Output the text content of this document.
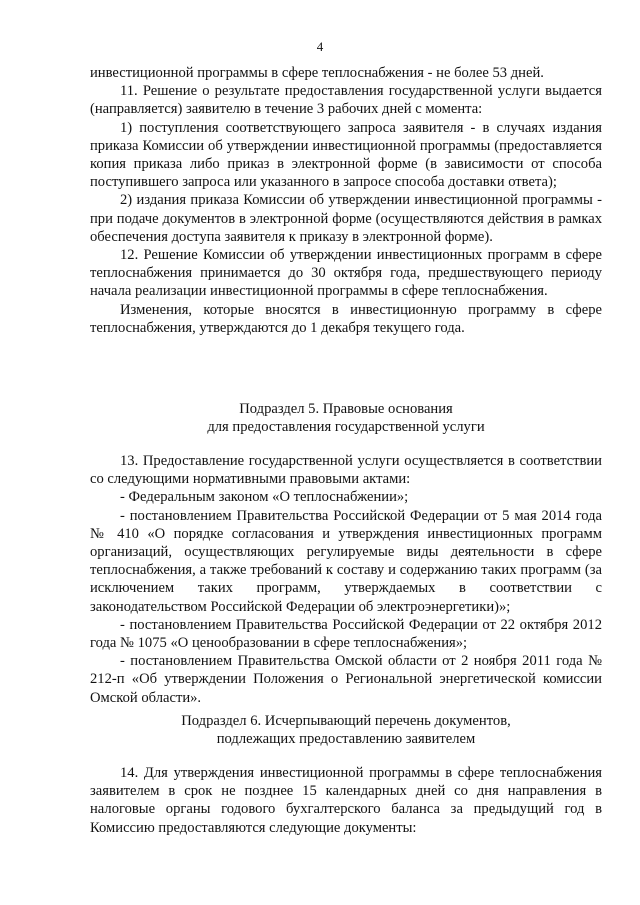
4

инвестиционной программы в сфере теплоснабжения - не более 53 дней.

11. Решение о результате предоставления государственной услуги выдается (направляется) заявителю в течение 3 рабочих дней с момента:

1) поступления соответствующего запроса заявителя - в случаях издания приказа Комиссии об утверждении инвестиционной программы (предоставляется копия приказа либо приказ в электронной форме (в зависимости от способа поступившего запроса или указанного в запросе способа доставки ответа);

2) издания приказа Комиссии об утверждении инвестиционной программы - при подаче документов в электронной форме (осуществляются действия в рамках обеспечения доступа заявителя к приказу в электронной форме).

12. Решение Комиссии об утверждении инвестиционных программ в сфере теплоснабжения принимается до 30 октября года, предшествующего периоду начала реализации инвестиционной программы в сфере теплоснабжения.

Изменения, которые вносятся в инвестиционную программу в сфере теплоснабжения, утверждаются до 1 декабря текущего года.

Подраздел 5. Правовые основания

для предоставления государственной услуги

13. Предоставление государственной услуги осуществляется в соответствии со следующими нормативными правовыми актами:

- Федеральным законом «О теплоснабжении»;

- постановлением Правительства Российской Федерации от 5 мая 2014 года № 410 «О порядке согласования и утверждения инвестиционных программ организаций, осуществляющих регулируемые виды деятельности в сфере теплоснабжения, а также требований к составу и содержанию таких программ (за исключением таких программ, утверждаемых в соответствии с законодательством Российской Федерации об электроэнергетики)»;

- постановлением Правительства Российской Федерации от 22 октября 2012 года № 1075 «О ценообразовании в сфере теплоснабжения»;

- постановлением Правительства Омской области от 2 ноября 2011 года № 212-п «Об утверждении Положения о Региональной энергетической комиссии Омской области».

Подраздел 6. Исчерпывающий перечень документов,

подлежащих предоставлению заявителем

14. Для утверждения инвестиционной программы в сфере теплоснабжения заявителем в срок не позднее 15 календарных дней со дня направления в налоговые органы годового бухгалтерского баланса за предыдущий год в Комиссию предоставляются следующие документы:
